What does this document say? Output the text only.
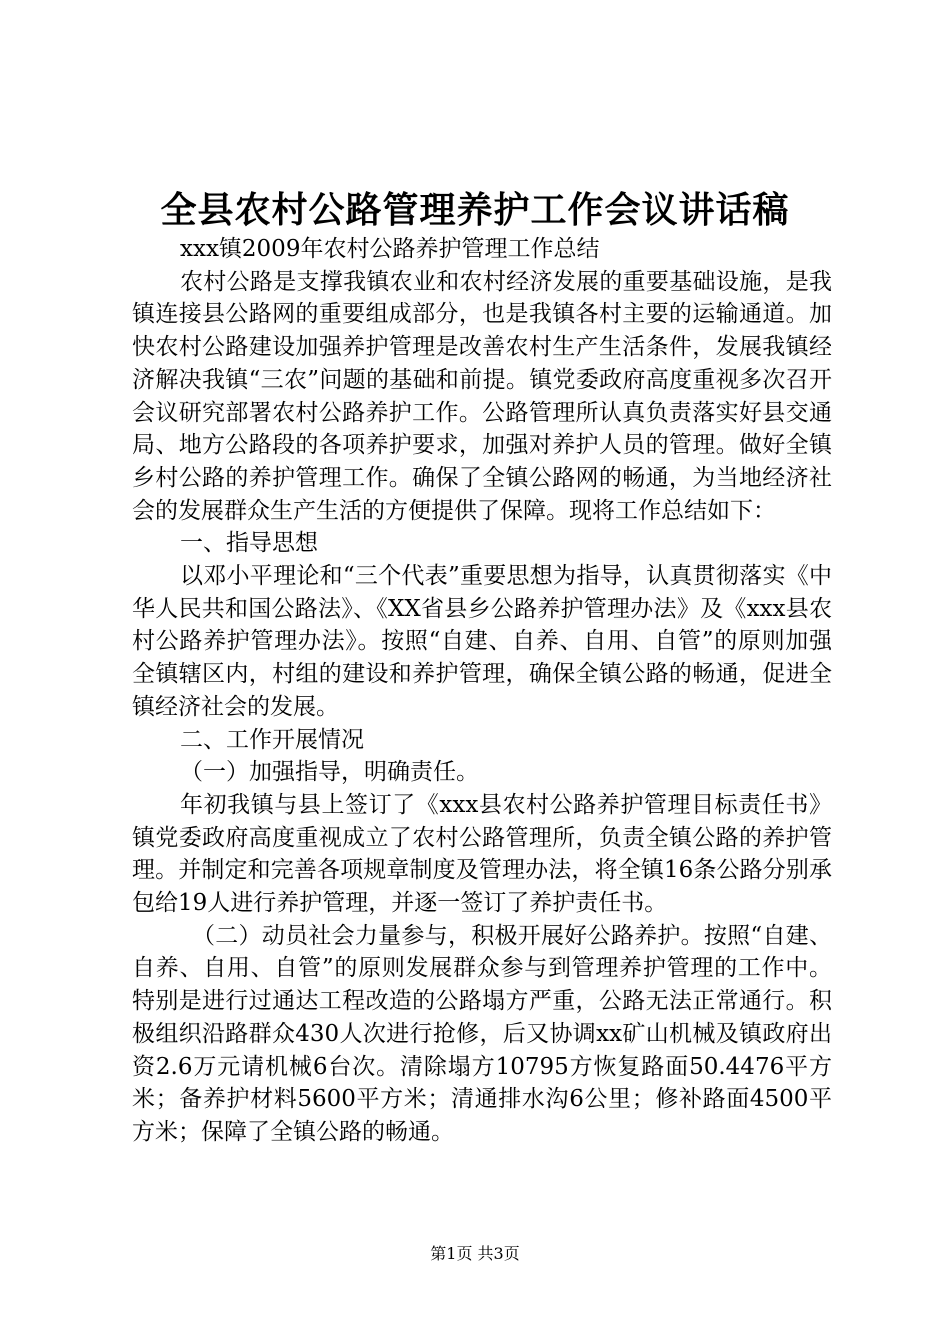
全县农村公路管理养护工作会议讲话稿

xxx镇2009年农村公路养护管理工作总结

农村公路是支撑我镇农业和农村经济发展的重要基础设施，是我镇连接县公路网的重要组成部分，也是我镇各村主要的运输通道。加快农村公路建设加强养护管理是改善农村生产生活条件，发展我镇经济解决我镇“三农”问题的基础和前提。镇党委政府高度重视多次召开会议研究部署农村公路养护工作。公路管理所认真负责落实好县交通局、地方公路段的各项养护要求，加强对养护人员的管理。做好全镇乡村公路的养护管理工作。确保了全镇公路网的畅通，为当地经济社会的发展群众生产生活的方便提供了保障。现将工作总结如下：

一、指导思想

以邓小平理论和“三个代表”重要思想为指导，认真贯彻落实《中华人民共和国公路法》、《XX省县乡公路养护管理办法》及《xxx县农村公路养护管理办法》。按照“自建、自养、自用、自管”的原则加强全镇辖区内，村组的建设和养护管理，确保全镇公路的畅通，促进全镇经济社会的发展。

二、工作开展情况

（一）加强指导，明确责任。

年初我镇与县上签订了《xxx县农村公路养护管理目标责任书》镇党委政府高度重视成立了农村公路管理所，负责全镇公路的养护管理。并制定和完善各项规章制度及管理办法，将全镇16条公路分别承包给19人进行养护管理，并逐一签订了养护责任书。

（二）动员社会力量参与，积极开展好公路养护。按照“自建、自养、自用、自管”的原则发展群众参与到管理养护管理的工作中。特别是进行过通达工程改造的公路塌方严重，公路无法正常通行。积极组织沿路群众430人次进行抢修，后又协调xx矿山机械及镇政府出资2.6万元请机械6台次。清除塌方10795方恢复路面50.4476平方米；备养护材料5600平方米；清通排水沟6公里；修补路面4500平方米；保障了全镇公路的畅通。

第1页 共3页
